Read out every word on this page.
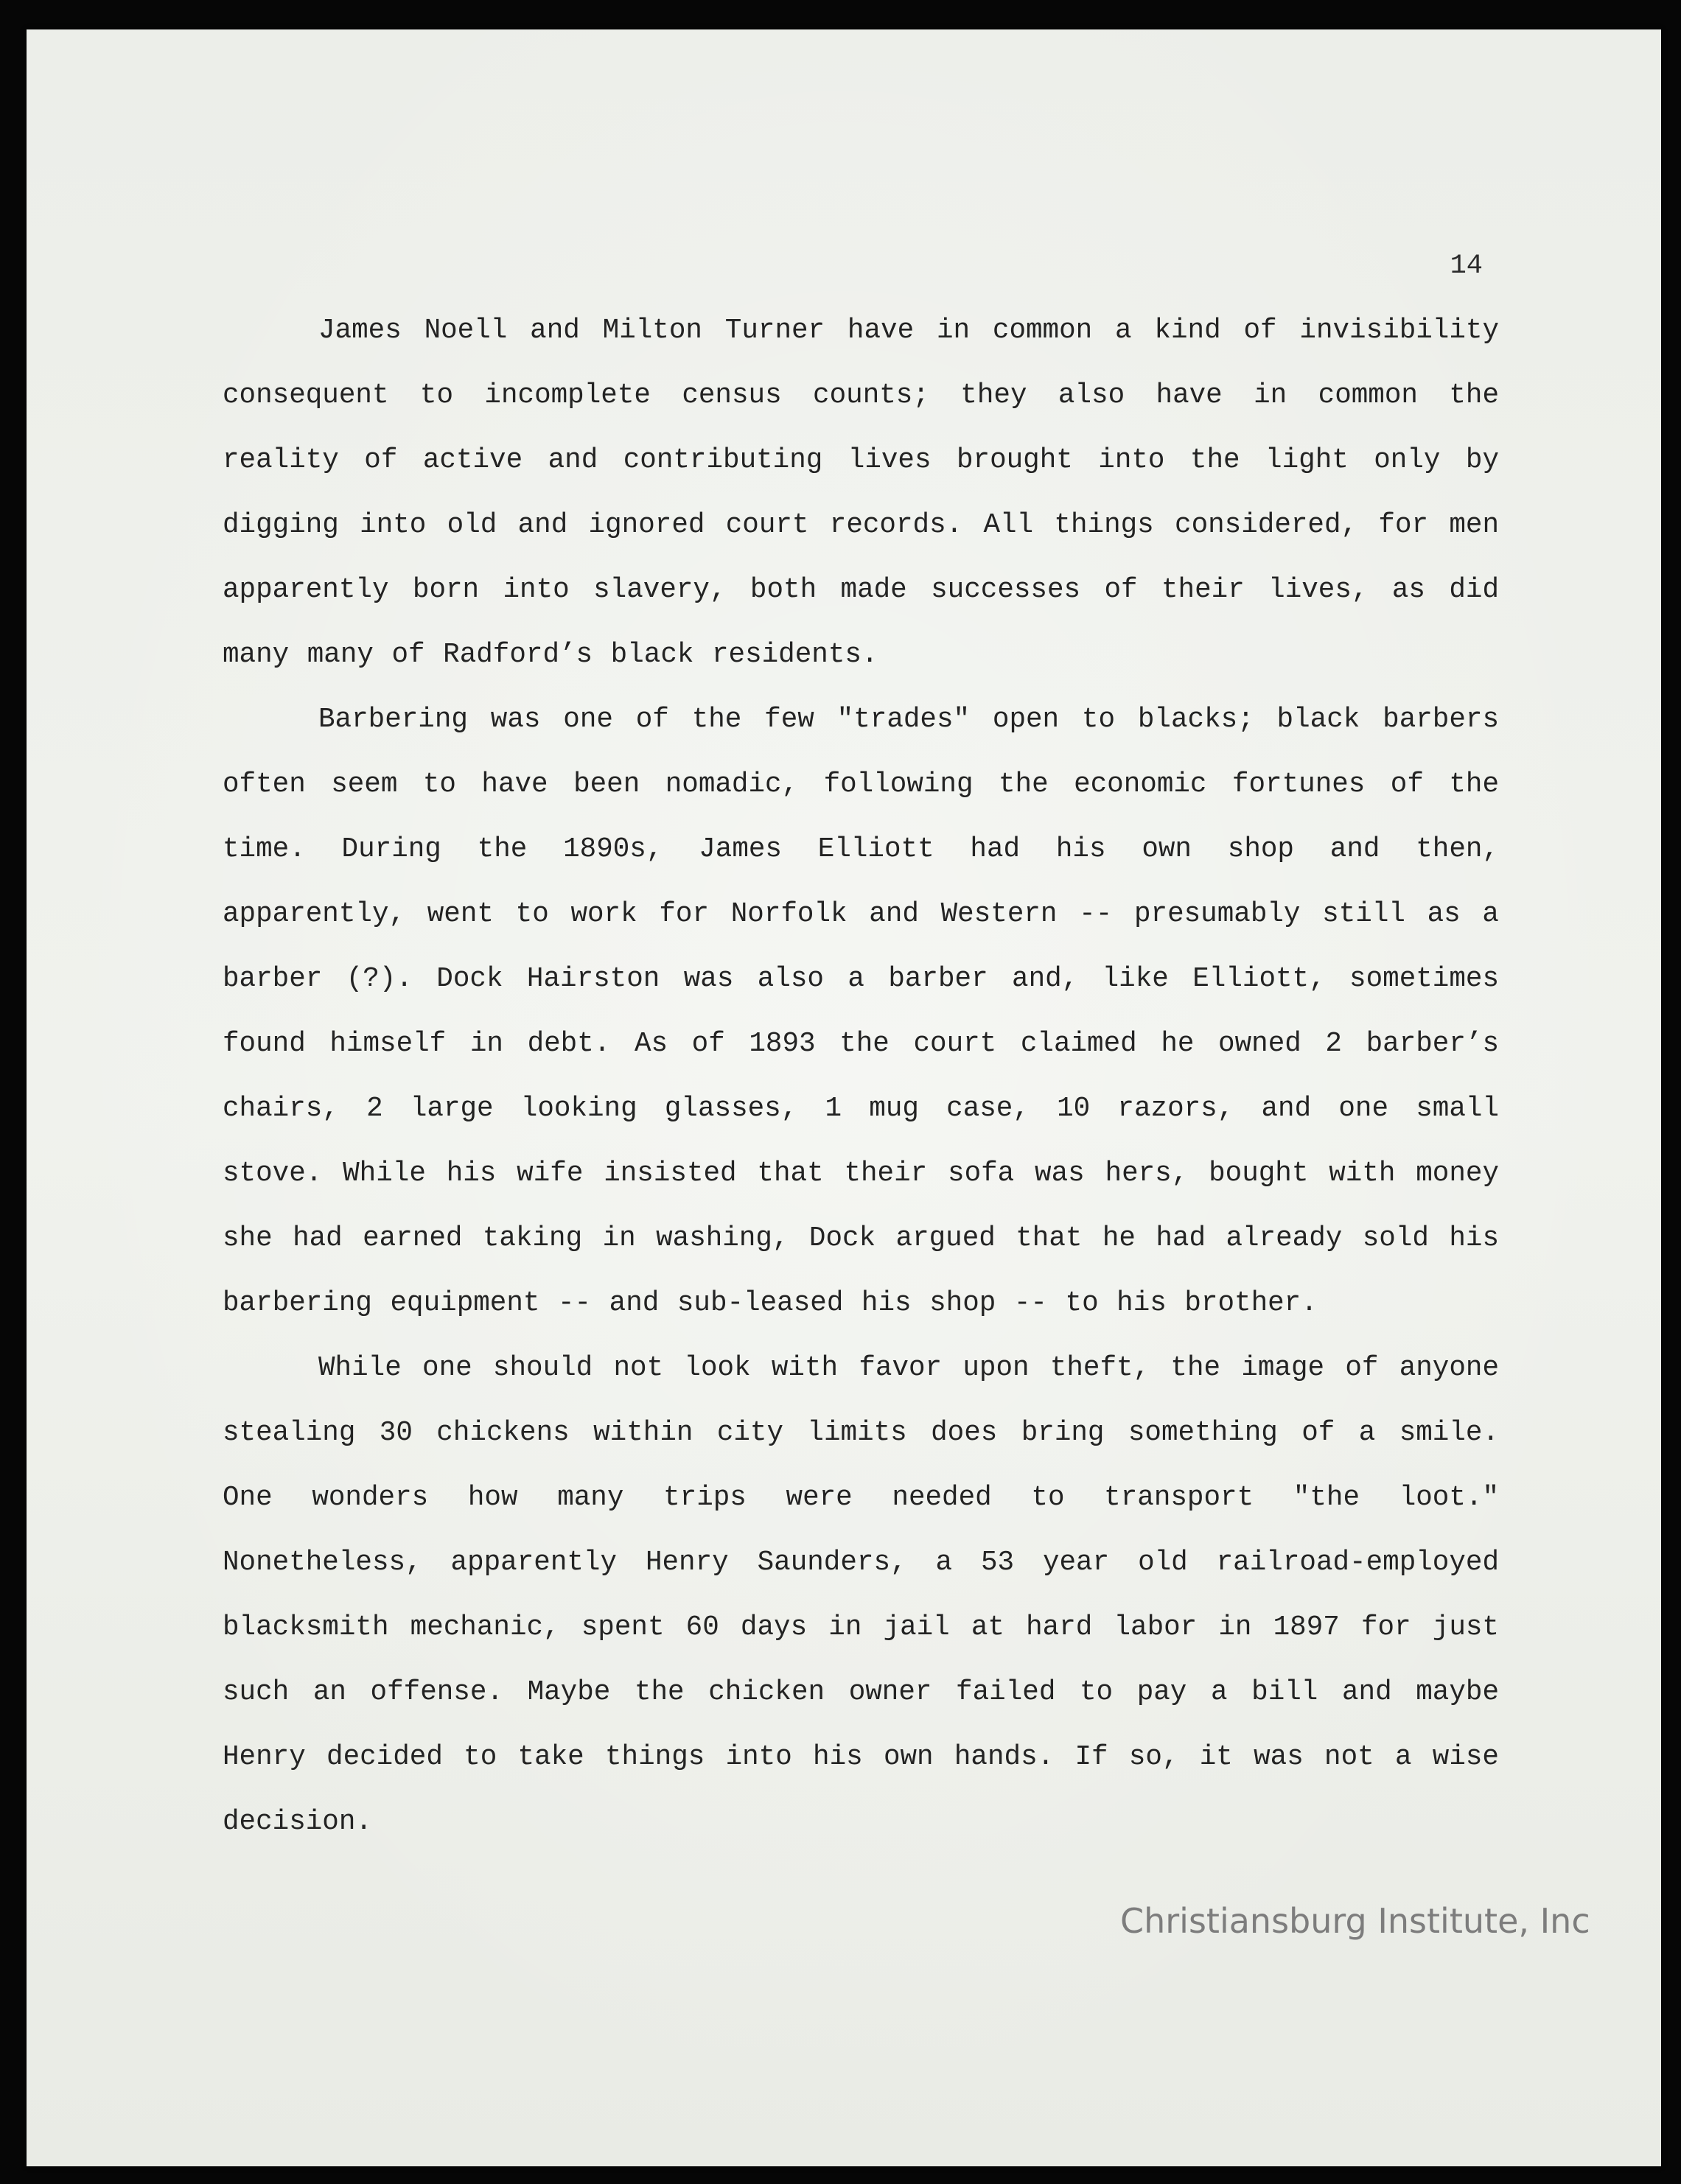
14

James Noell and Milton Turner have in common a kind of invisibility consequent to incomplete census counts; they also have in common the reality of active and contributing lives brought into the light only by digging into old and ignored court records. All things considered, for men apparently born into slavery, both made successes of their lives, as did many many of Radford’s black residents.

Barbering was one of the few "trades" open to blacks; black barbers often seem to have been nomadic, following the economic fortunes of the time. During the 1890s, James Elliott had his own shop and then, apparently, went to work for Norfolk and Western -- presumably still as a barber (?). Dock Hairston was also a barber and, like Elliott, sometimes found himself in debt. As of 1893 the court claimed he owned 2 barber’s chairs, 2 large looking glasses, 1 mug case, 10 razors, and one small stove. While his wife insisted that their sofa was hers, bought with money she had earned taking in washing, Dock argued that he had already sold his barbering equipment -- and sub-leased his shop -- to his brother.

While one should not look with favor upon theft, the image of anyone stealing 30 chickens within city limits does bring something of a smile. One wonders how many trips were needed to transport "the loot." Nonetheless, apparently Henry Saunders, a 53 year old railroad-employed blacksmith mechanic, spent 60 days in jail at hard labor in 1897 for just such an offense. Maybe the chicken owner failed to pay a bill and maybe Henry decided to take things into his own hands. If so, it was not a wise decision.

Christiansburg Institute, Inc
